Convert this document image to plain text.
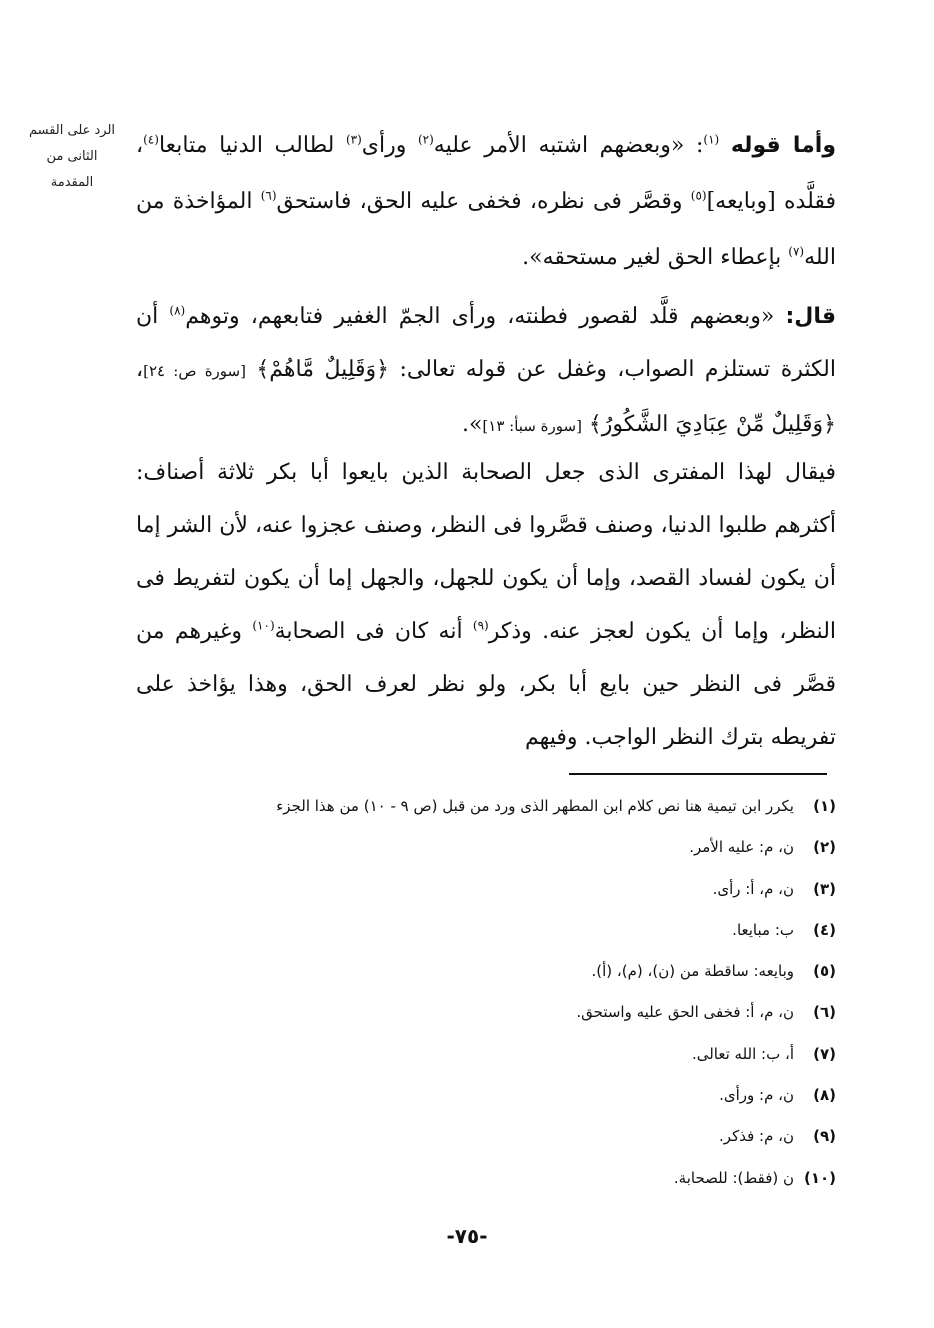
الرد على القسم
الثانى من
المقدمة
وأما قوله $^{(١)}$: «وبعضهم اشتبه الأمر عليه$^{(٢)}$ ورأى$^{(٣)}$ لطالب الدنيا متابعا$^{(٤)}$، فقلَّده [وبايعه]$^{(٥)}$ وقصَّر فى نظره، فخفى عليه الحق، فاستحق$^{(٦)}$ المؤاخذة من الله$^{(٧)}$ بإعطاء الحق لغير مستحقه».
قال: «وبعضهم قلَّد لقصور فطنته، ورأى الجمّ الغفير فتابعهم، وتوهم$^{(٨)}$ أن الكثرة تستلزم الصواب، وغفل عن قوله تعالى: ﴿وَقَلِيلٌ مَّاهُمْ﴾ [سورة ص: ٢٤]، ﴿وَقَلِيلٌ مِّنْ عِبَادِيَ الشَّكُورُ﴾ [سورة سبأ: ١٣]».
فيقال لهذا المفترى الذى جعل الصحابة الذين بايعوا أبا بكر ثلاثة أصناف: أكثرهم طلبوا الدنيا، وصنف قصَّروا فى النظر، وصنف عجزوا عنه، لأن الشر إما أن يكون لفساد القصد، وإما أن يكون للجهل، والجهل إما أن يكون لتفريط فى النظر، وإما أن يكون لعجز عنه. وذكر$^{(٩)}$ أنه كان فى الصحابة$^{(١٠)}$ وغيرهم من قصَّر فى النظر حين بايع أبا بكر، ولو نظر لعرف الحق، وهذا يؤاخذ على تفريطه بترك النظر الواجب. وفيهم
(١)يكرر ابن تيمية هنا نص كلام ابن المطهر الذى ورد من قبل (ص ٩ - ١٠) من هذا الجزء
(٢)ن، م: عليه الأمر.
(٣)ن، م، أ: رأى.
(٤)ب: مبايعا.
(٥)وبايعه: ساقطة من (ن)، (م)، (أ).
(٦)ن، م، أ: فخفى الحق عليه واستحق.
(٧)أ، ب: الله تعالى.
(٨)ن، م: ورأى.
(٩)ن، م: فذكر.
(١٠)ن (فقط): للصحابة.
-٧٥-
